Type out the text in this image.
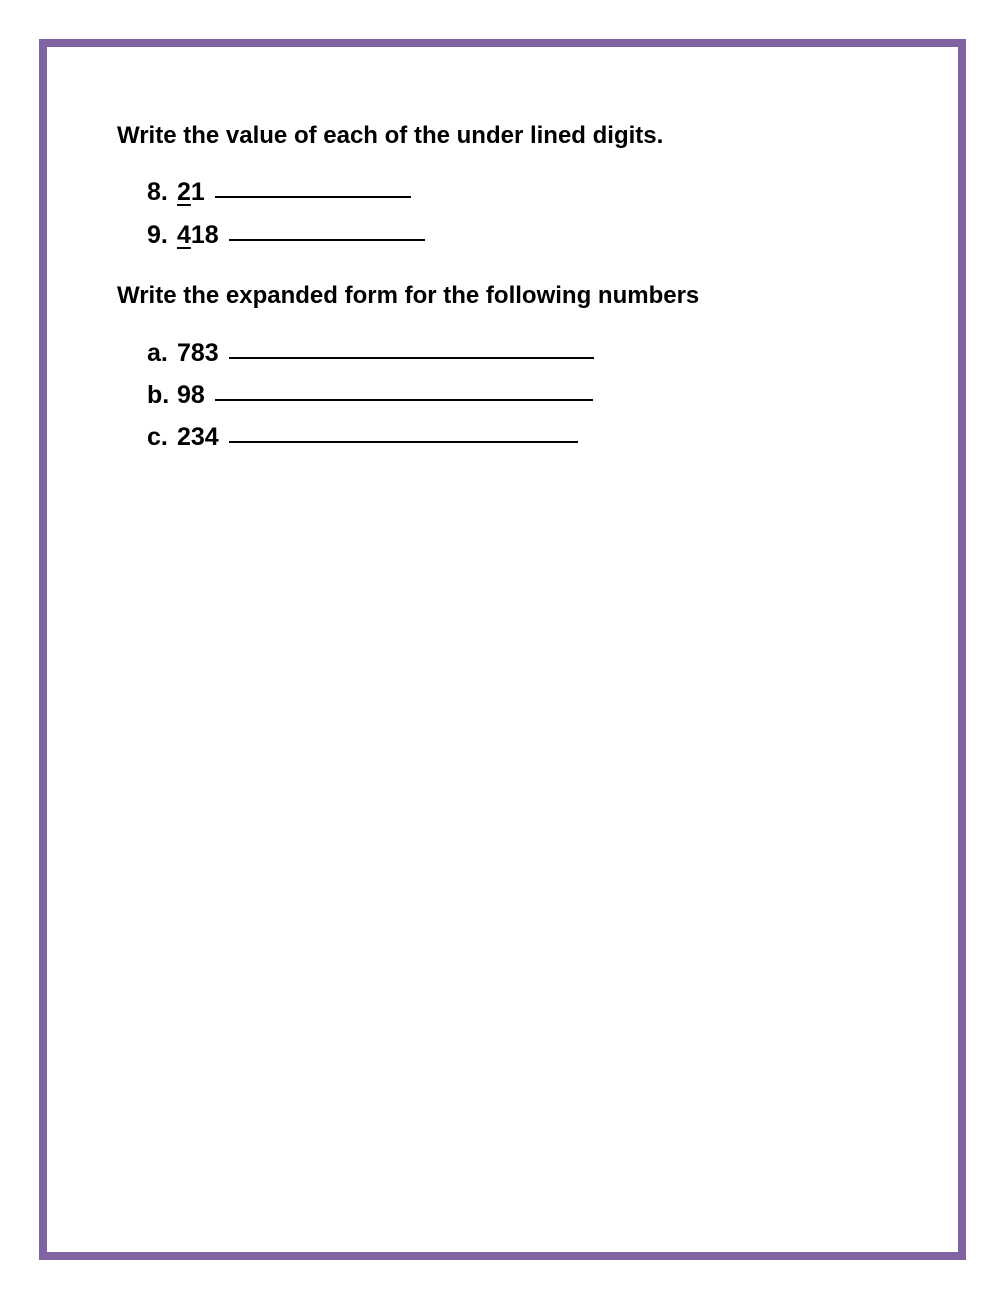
Write the value of each of the under lined digits.
8. 21
9. 418
Write the expanded form for the following numbers
a. 783
b. 98
c. 234
